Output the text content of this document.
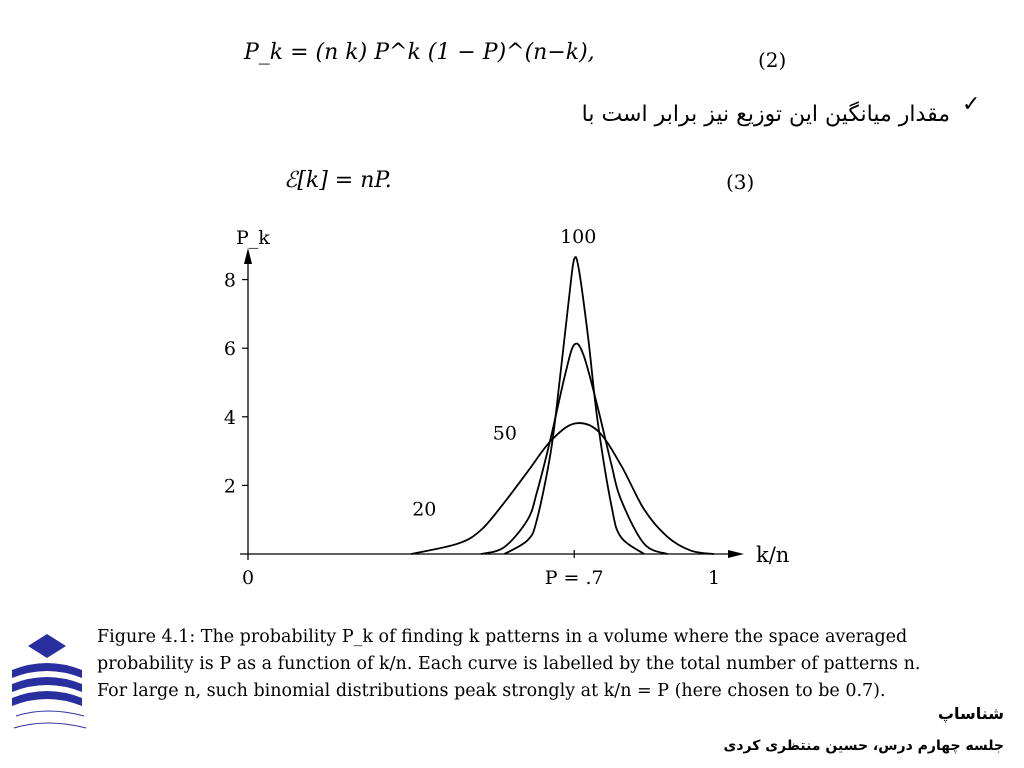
P_k = (n k) P^k (1 − P)^(n−k),	(2)
✓
مقدار میانگین این توزیع نیز برابر است با
ℰ[k] = nP.	(3)
2
4
6
8
0	1
P = .7
k/n
P_k
20
50
100
Figure 4.1: The probability P_k of finding k patterns in a volume where the space averaged probability is P as a function of k/n. Each curve is labelled by the total number of patterns n. For large n, such binomial distributions peak strongly at k/n = P (here chosen to be 0.7).
شناساپ
جلسه چهارم درس، حسین منتظری کردی
